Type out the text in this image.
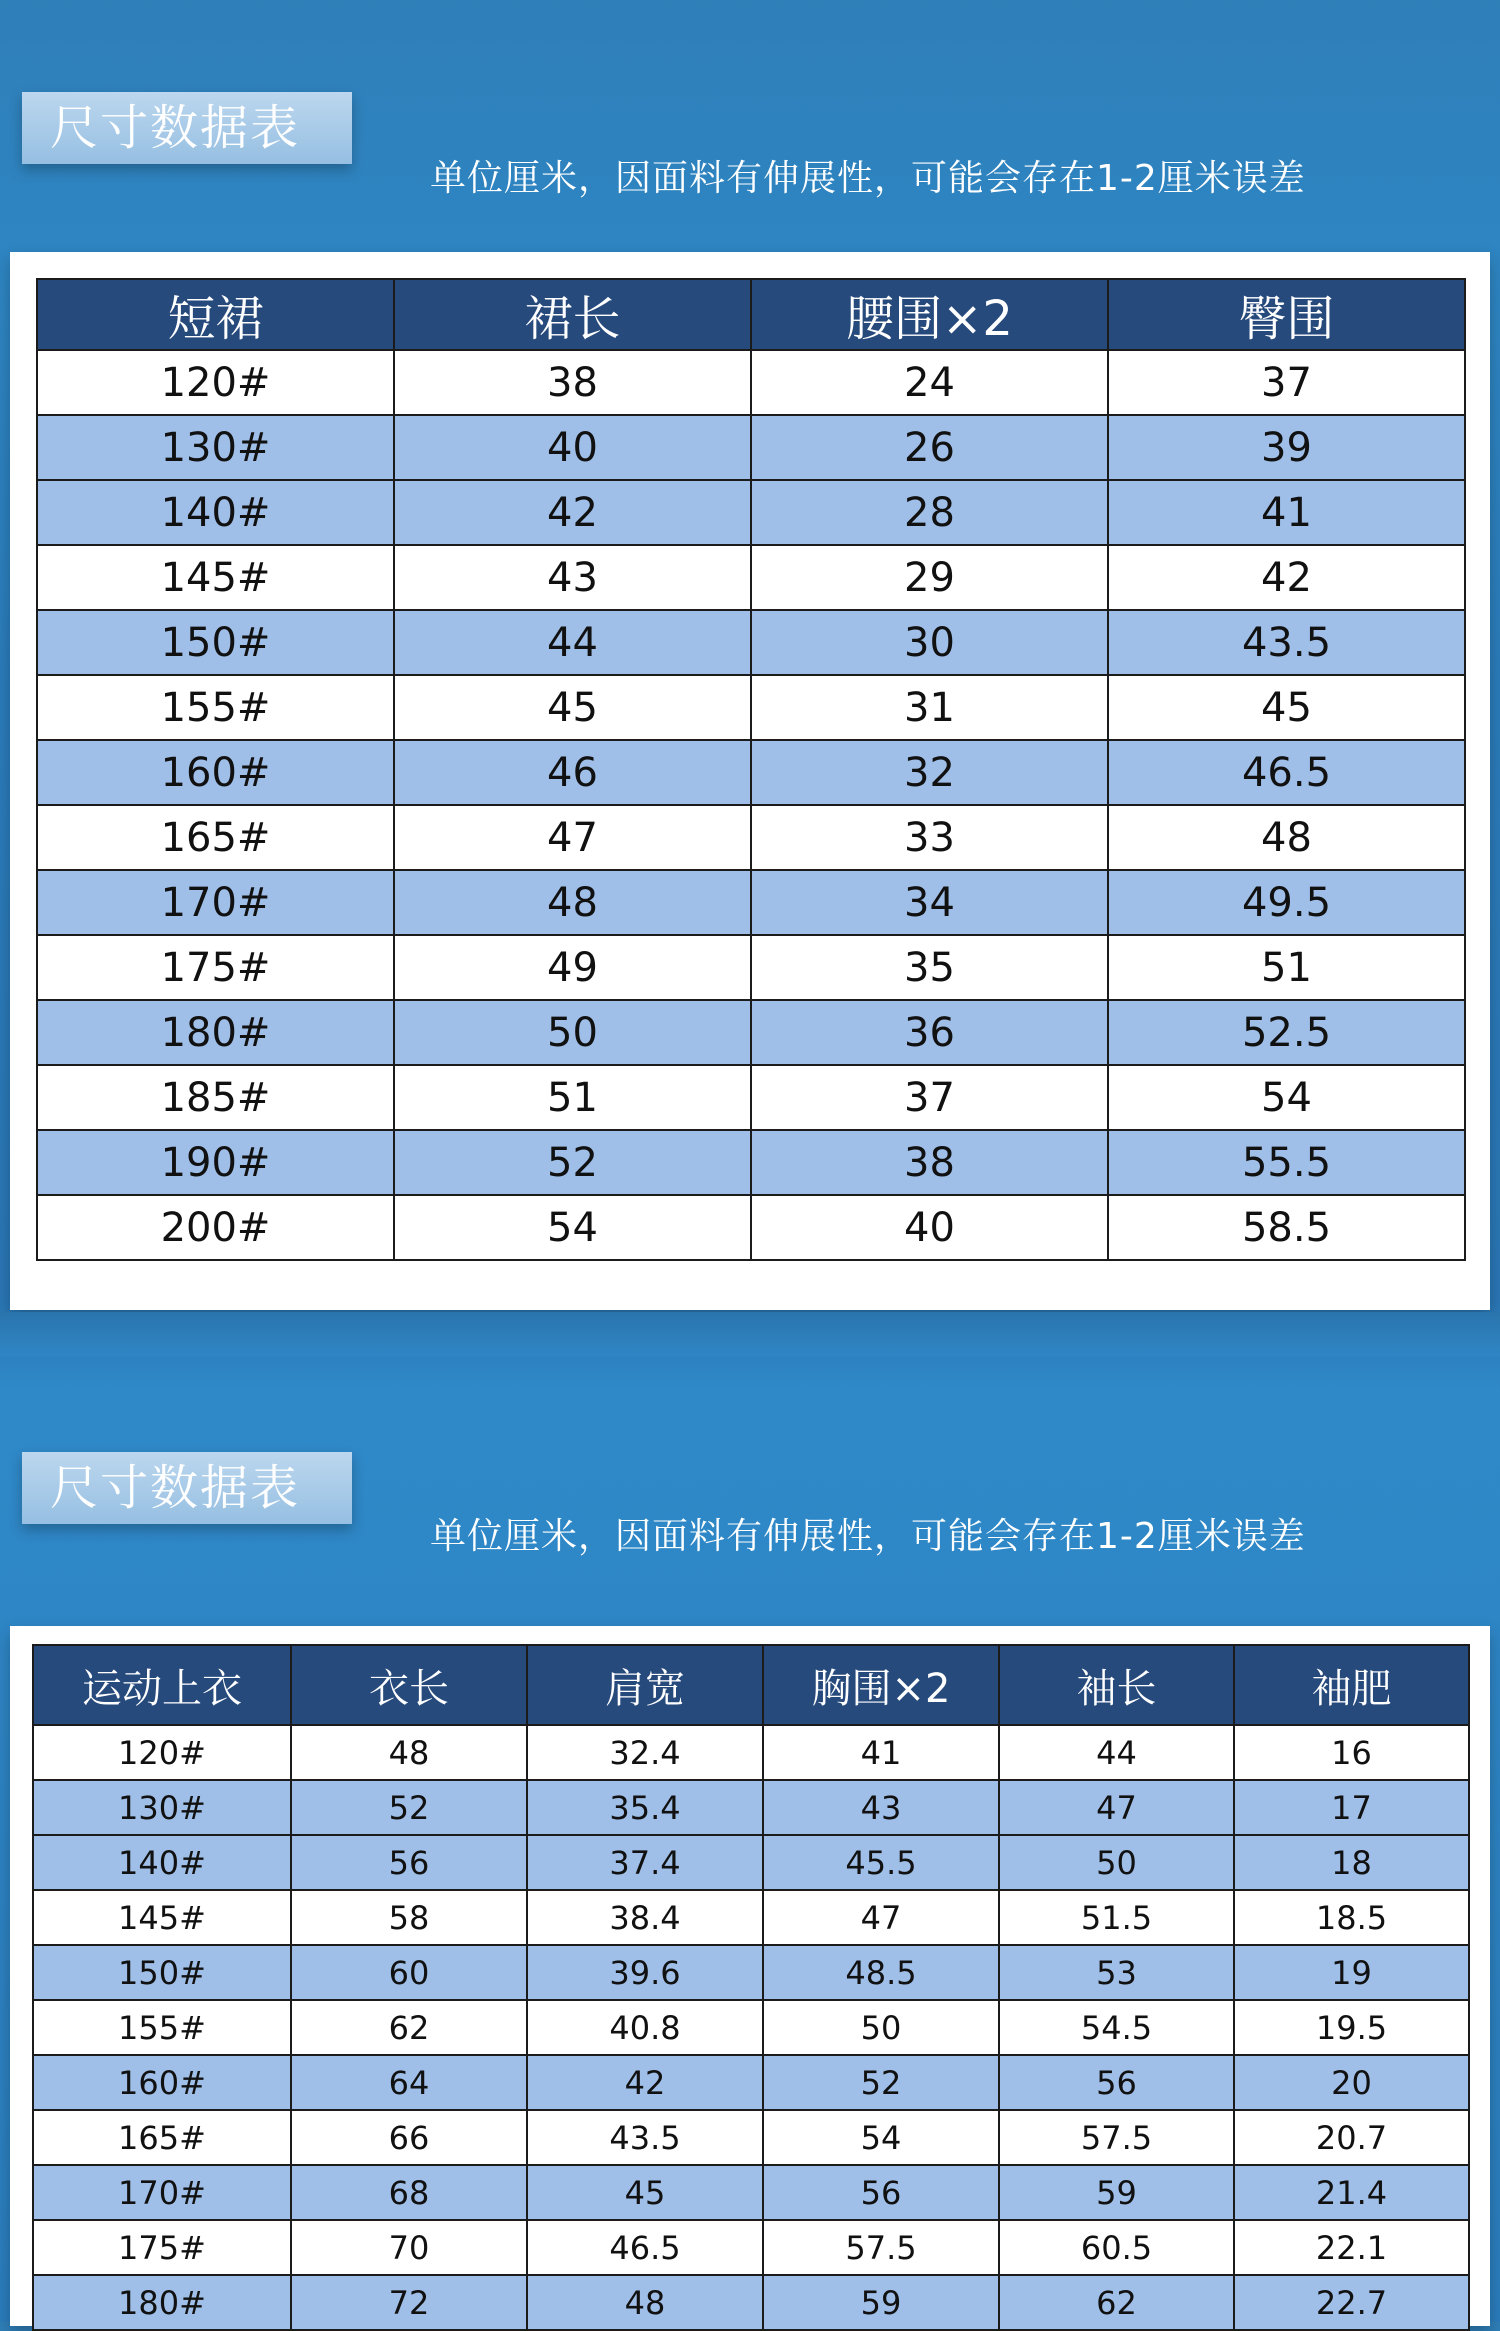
尺寸数据表
单位厘米，因面料有伸展性，可能会存在1-2厘米误差
短裙	裙长	腰围×2	臀围
120#	38	24	37
130#	40	26	39
140#	42	28	41
145#	43	29	42
150#	44	30	43.5
155#	45	31	45
160#	46	32	46.5
165#	47	33	48
170#	48	34	49.5
175#	49	35	51
180#	50	36	52.5
185#	51	37	54
190#	52	38	55.5
200#	54	40	58.5
尺寸数据表
单位厘米，因面料有伸展性，可能会存在1-2厘米误差
运动上衣	衣长	肩宽	胸围×2	袖长	袖肥
120#	48	32.4	41	44	16
130#	52	35.4	43	47	17
140#	56	37.4	45.5	50	18
145#	58	38.4	47	51.5	18.5
150#	60	39.6	48.5	53	19
155#	62	40.8	50	54.5	19.5
160#	64	42	52	56	20
165#	66	43.5	54	57.5	20.7
170#	68	45	56	59	21.4
175#	70	46.5	57.5	60.5	22.1
180#	72	48	59	62	22.7
